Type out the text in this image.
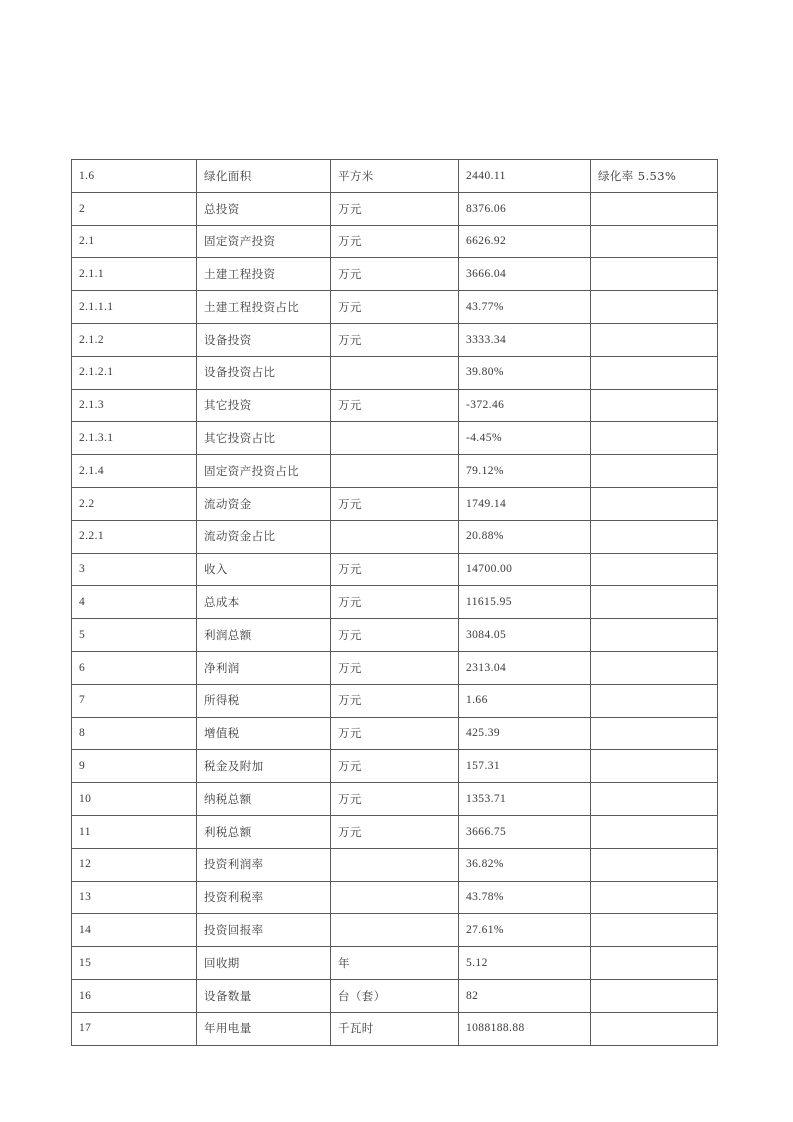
1.6	绿化面积	平方米	2440.11	绿化率 5.53%
2	总投资	万元	8376.06	
2.1	固定资产投资	万元	6626.92	
2.1.1	土建工程投资	万元	3666.04	
2.1.1.1	土建工程投资占比	万元	43.77%	
2.1.2	设备投资	万元	3333.34	
2.1.2.1	设备投资占比		39.80%	
2.1.3	其它投资	万元	-372.46	
2.1.3.1	其它投资占比		-4.45%	
2.1.4	固定资产投资占比		79.12%	
2.2	流动资金	万元	1749.14	
2.2.1	流动资金占比		20.88%	
3	收入	万元	14700.00	
4	总成本	万元	11615.95	
5	利润总额	万元	3084.05	
6	净利润	万元	2313.04	
7	所得税	万元	1.66	
8	增值税	万元	425.39	
9	税金及附加	万元	157.31	
10	纳税总额	万元	1353.71	
11	利税总额	万元	3666.75	
12	投资利润率		36.82%	
13	投资利税率		43.78%	
14	投资回报率		27.61%	
15	回收期	年	5.12	
16	设备数量	台（套）	82	
17	年用电量	千瓦时	1088188.88	
